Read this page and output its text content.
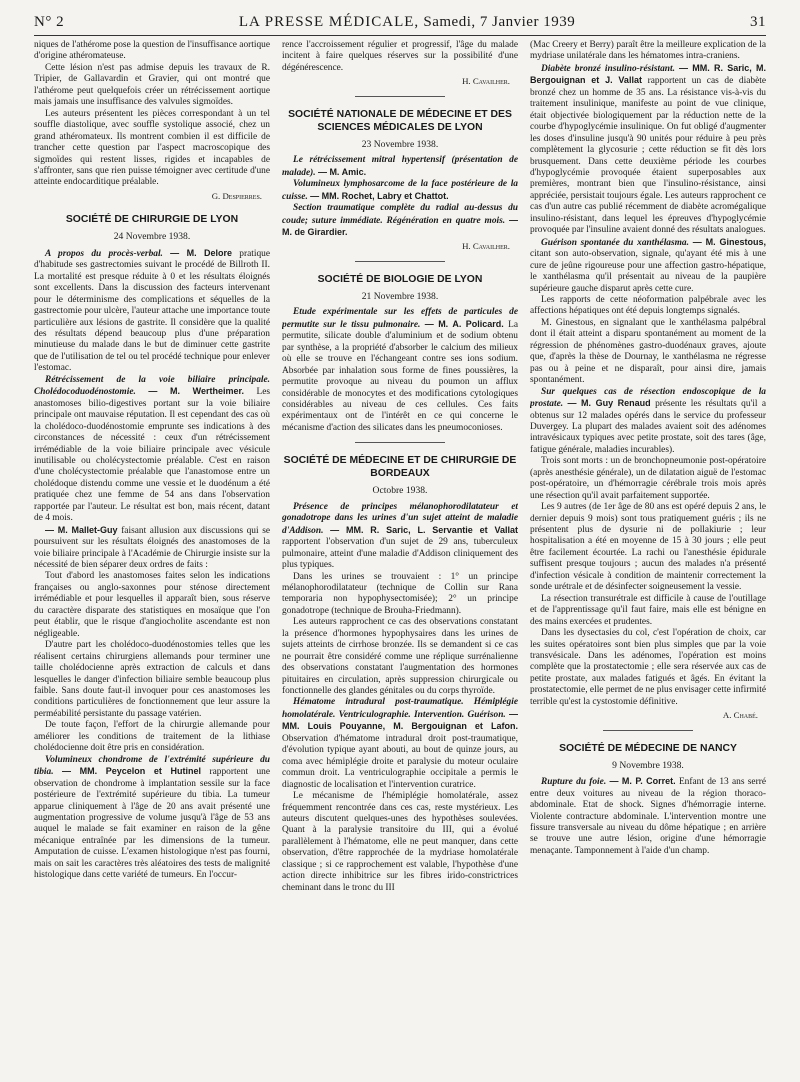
N° 2	LA PRESSE MÉDICALE, Samedi, 7 Janvier 1939	31

niques de l'athérome pose la question de l'insuffisance aortique d'origine athéromateuse.

Cette lésion n'est pas admise depuis les travaux de R. Tripier, de Gallavardin et Gravier, qui ont montré que l'athérome peut quelquefois créer un rétrécissement aortique mais jamais une insuffisance des valvules sigmoïdes.

Les auteurs présentent les pièces correspondant à un tel souffle diastolique, avec souffle systolique associé, chez un grand athéromateux. Ils montrent combien il est difficile de trancher cette question par l'aspect macroscopique des sigmoïdes qui restent lisses, rigides et incapables de s'affronter, sans que rien puisse témoigner avec certitude d'une atteinte endocarditique préalable.

G. Despierres.
SOCIÉTÉ DE CHIRURGIE DE LYON
24 Novembre 1938.

A propos du procès-verbal. — M. Delore pratique d'habitude ses gastrectomies suivant le procédé de Billroth II. La mortalité est presque réduite à 0 et les résultats éloignés sont excellents. Dans la discussion des facteurs intervenant pour le déterminisme des complications et séquelles de la gastrectomie pour ulcère, l'auteur attache une importance toute particulière aux lésions de gastrite. Il considère que la qualité des résultats dépend beaucoup plus d'une préparation minutieuse du malade dans le but de diminuer cette gastrite que de l'utilisation de tel ou tel procédé technique pour enlever l'estomac.

Rétrécissement de la voie biliaire principale. Cholédocoduodénostomie. — M. Wertheimer. Les anastomoses bilio-digestives portant sur la voie biliaire principale ont mauvaise réputation. Il est cependant des cas où la cholédoco-duodénostomie emprunte ses indications à des circonstances de nécessité : ceux d'un rétrécissement irrémédiable de la voie biliaire principale avec vésicule inutilisable ou cholécystectomie préalable. C'est en raison d'une cholécystectomie préalable que l'anastomose entre un cholédoque distendu comme une vessie et le duodénum a été pratiquée chez une femme de 54 ans dans l'observation rapportée par l'auteur. Le résultat est bon, mais récent, datant de 4 mois.

— M. Mallet-Guy faisant allusion aux discussions qui se poursuivent sur les résultats éloignés des anastomoses de la voie biliaire principale à l'Académie de Chirurgie insiste sur la nécessité de bien séparer deux ordres de faits :

Tout d'abord les anastomoses faites selon les indications françaises ou anglo-saxonnes pour sténose directement irrémédiable et pour lesquelles il apparaît bien, sous réserve du caractère disparate des statistiques en mosaïque que l'on peut établir, que le risque d'angiocholite ascendante est non négligeable.

D'autre part les cholédoco-duodénostomies telles que les réalisent certains chirurgiens allemands pour terminer une taille cholédocienne après extraction de calculs et dans lesquelles le danger d'infection biliaire semble beaucoup plus faible. Sans doute faut-il invoquer pour ces anastomoses les conditions particulières de fonctionnement que leur assure la perméabilité persistante du passage vatérien.

De toute façon, l'effort de la chirurgie allemande pour améliorer les conditions de traitement de la lithiase cholédocienne doit être pris en considération.

Volumineux chondrome de l'extrémité supérieure du tibia. — MM. Peycelon et Hutinel rapportent une observation de chondrome à implantation sessile sur la face postérieure de l'extrémité supérieure du tibia. La tumeur apparue cliniquement à l'âge de 20 ans avait présenté une augmentation progressive de volume jusqu'à l'âge de 53 ans auquel le malade se fait examiner en raison de la gêne mécanique entraînée par les dimensions de la tumeur. Amputation de cuisse. L'examen histologique n'est pas fourni, mais on sait les caractères très aléatoires des tests de malignité histologique dans cette variété de tumeurs. En l'occur-

rence l'accroissement régulier et progressif, l'âge du malade incitent à faire quelques réserves sur la possibilité d'une dégénérescence.

H. Cavailher.
SOCIÉTÉ NATIONALE DE MÉDECINE ET DES SCIENCES MÉDICALES DE LYON
23 Novembre 1938.

Le rétrécissement mitral hypertensif (présentation de malade). — M. Amic.

Volumineux lymphosarcome de la face postérieure de la cuisse. — MM. Rochet, Labry et Chattot.

Section traumatique complète du radial au-dessus du coude; suture immédiate. Régénération en quatre mois. — M. de Girardier.

H. Cavailher.
SOCIÉTÉ DE BIOLOGIE DE LYON
21 Novembre 1938.

Etude expérimentale sur les effets de particules de permutite sur le tissu pulmonaire. — M. A. Policard. La permutite, silicate double d'aluminium et de sodium obtenu par synthèse, a la propriété d'absorber le calcium des milieux où elle se trouve en l'échangeant contre ses ions sodium. Absorbée par inhalation sous forme de fines poussières, la permutite provoque au niveau du poumon un afflux considérable de monocytes et des modifications cytologiques considérables au niveau de ces cellules. Ces faits expérimentaux ont de l'intérêt en ce qui concerne le mécanisme d'action des silicates dans les pneumoconioses.

SOCIÉTÉ DE MÉDECINE ET DE CHIRURGIE DE BORDEAUX
Octobre 1938.

Présence de principes mélanophorodilatateur et gonadotrope dans les urines d'un sujet atteint de maladie d'Addison. — MM. R. Saric, L. Servantie et Vallat rapportent l'observation d'un sujet de 29 ans, tuberculeux pulmonaire, atteint d'une maladie d'Addison cliniquement des plus typiques.

Dans les urines se trouvaient : 1° un principe mélanophorodilatateur (technique de Collin sur Rana temporaria non hypophysectomisée); 2° un principe gonadotrope (technique de Brouha-Friedmann).

Les auteurs rapprochent ce cas des observations constatant la présence d'hormones hypophysaires dans les urines de sujets atteints de cirrhose bronzée. Ils se demandent si ce cas ne pourrait être considéré comme une réplique surrénalienne des observations constatant l'augmentation des hormones pituitaires en circulation, après suppression chirurgicale ou fonctionnelle des glandes génitales ou du corps thyroïde.

Hématome intradural post-traumatique. Hémiplégie homolatérale. Ventriculographie. Intervention. Guérison. — MM. Louis Pouyanne, M. Bergouignan et Lafon. Observation d'hématome intradural droit post-traumatique, d'évolution typique ayant abouti, au bout de quinze jours, au coma avec hémiplégie droite et paralysie du moteur oculaire commun droit. La ventriculographie occipitale a permis le diagnostic de localisation et l'intervention curatrice.

Le mécanisme de l'hémiplégie homolatérale, assez fréquemment rencontrée dans ces cas, reste mystérieux. Les auteurs discutent quelques-unes des hypothèses soulevées. Quant à la paralysie transitoire du III, qui a évolué parallèlement à l'hématome, elle ne peut manquer, dans cette observation, d'être rapprochée de la mydriase homolatérale classique ; si ce rapprochement est valable, l'hypothèse d'une action directe inhibitrice sur les fibres irido-constrictrices cheminant dans le tronc du III

(Mac Creery et Berry) paraît être la meilleure explication de la mydriase unilatérale dans les hématomes intra-craniens.

Diabète bronzé insulino-résistant. — MM. R. Saric, M. Bergouignan et J. Vallat rapportent un cas de diabète bronzé chez un homme de 35 ans. La résistance vis-à-vis du traitement insulinique, manifeste au point de vue clinique, était objectivée biologiquement par la réduction nette de la courbe d'hypoglycémie insulinique. On fut obligé d'augmenter les doses d'insuline jusqu'à 90 unités pour réduire à peu près complètement la glycosurie ; cette réduction se fit dès lors brusquement. Dans cette deuxième période les courbes d'hypoglycémie provoquée étaient superposables aux premières, montrant bien que l'insulino-résistance, ainsi appréciée, persistait toujours égale. Les auteurs rapprochent ce cas d'un autre cas publié récemment de diabète acromégalique insulino-résistant, dans lequel les épreuves d'hypoglycémie provoquée par l'insuline avaient donné des résultats analogues.

Guérison spontanée du xanthélasma. — M. Ginestous, citant son auto-observation, signale, qu'ayant été mis à une cure de jeûne rigoureuse pour une affection gastro-hépatique, le xanthélasma qu'il présentait au niveau de la paupière supérieure gauche disparut après cette cure.

Les rapports de cette néoformation palpébrale avec les affections hépatiques ont été depuis longtemps signalés.

M. Ginestous, en signalant que le xanthélasma palpébral dont il était atteint a disparu spontanément au moment de la régression de phénomènes gastro-duodénaux graves, ajoute que, d'après la thèse de Dournay, le xanthélasma ne régresse pas ou à peine et ne disparaît, pour ainsi dire, jamais spontanément.

Sur quelques cas de résection endoscopique de la prostate. — M. Guy Renaud présente les résultats qu'il a obtenus sur 12 malades opérés dans le service du professeur Duvergey. La plupart des malades avaient soit des adénomes intravésicaux typiques avec petite prostate, soit des tares (âge, fatigue générale, maladies incurables).

Trois sont morts : un de bronchopneumonie post-opératoire (après anesthésie générale), un de dilatation aiguë de l'estomac post-opératoire, un d'hémorragie cérébrale trois mois après une résection qu'il avait parfaitement supportée.

Les 9 autres (de 1er âge de 80 ans est opéré depuis 2 ans, le dernier depuis 9 mois) sont tous pratiquement guéris ; ils ne présentent plus de dysurie ni de pollakiurie ; leur hospitalisation a été en moyenne de 15 à 30 jours ; elle peut être facilement écourtée. La rachi ou l'anesthésie épidurale suffisent presque toujours ; aucun des malades n'a présenté d'infection vésicale à condition de maintenir correctement la sonde urétrale et de désinfecter soigneusement la vessie.

La résection transurétrale est difficile à cause de l'outillage et de l'apprentissage qu'il faut faire, mais elle est bénigne en des mains exercées et prudentes.

Dans les dysectasies du col, c'est l'opération de choix, car les suites opératoires sont bien plus simples que par la voie transvésicale. Dans les adénomes, l'opération est moins complète que la prostatectomie ; elle sera réservée aux cas de petite prostate, aux malades fatigués et âgés. En évitant la prostatectomie, elle permet de ne plus envisager cette infirmité terrible qu'est la cystostomie définitive.

A. Chabé.
SOCIÉTÉ DE MÉDECINE DE NANCY
9 Novembre 1938.

Rupture du foie. — M. P. Corret. Enfant de 13 ans serré entre deux voitures au niveau de la région thoraco-abdominale. Etat de shock. Signes d'hémorragie interne. Violente contracture abdominale. L'intervention montre une fissure transversale au niveau du dôme hépatique ; en arrière se trouve une autre lésion, origine d'une hémorragie menaçante. Tamponnement à l'aide d'un champ.
